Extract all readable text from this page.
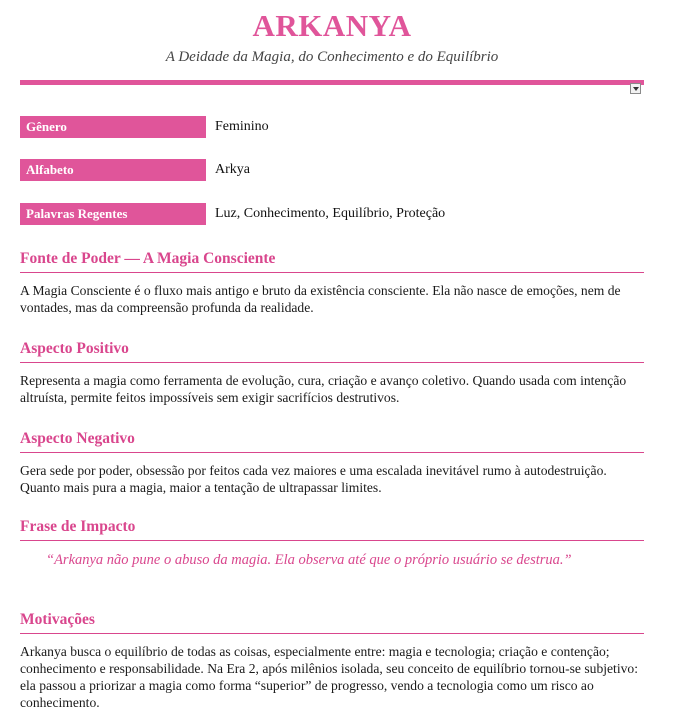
ARKANYA
A Deidade da Magia, do Conhecimento e do Equilíbrio
Gênero	Feminino
Alfabeto	Arkya
Palavras Regentes	Luz, Conhecimento, Equilíbrio, Proteção
Fonte de Poder — A Magia Consciente
A Magia Consciente é o fluxo mais antigo e bruto da existência consciente. Ela não nasce de emoções, nem de vontades, mas da compreensão profunda da realidade.
Aspecto Positivo
Representa a magia como ferramenta de evolução, cura, criação e avanço coletivo. Quando usada com intenção altruísta, permite feitos impossíveis sem exigir sacrifícios destrutivos.
Aspecto Negativo
Gera sede por poder, obsessão por feitos cada vez maiores e uma escalada inevitável rumo à autodestruição. Quanto mais pura a magia, maior a tentação de ultrapassar limites.
Frase de Impacto
“Arkanya não pune o abuso da magia. Ela observa até que o próprio usuário se destrua.”
Motivações
Arkanya busca o equilíbrio de todas as coisas, especialmente entre: magia e tecnologia; criação e contenção; conhecimento e responsabilidade. Na Era 2, após milênios isolada, seu conceito de equilíbrio tornou-se subjetivo: ela passou a priorizar a magia como forma “superior” de progresso, vendo a tecnologia como um risco ao conhecimento.
